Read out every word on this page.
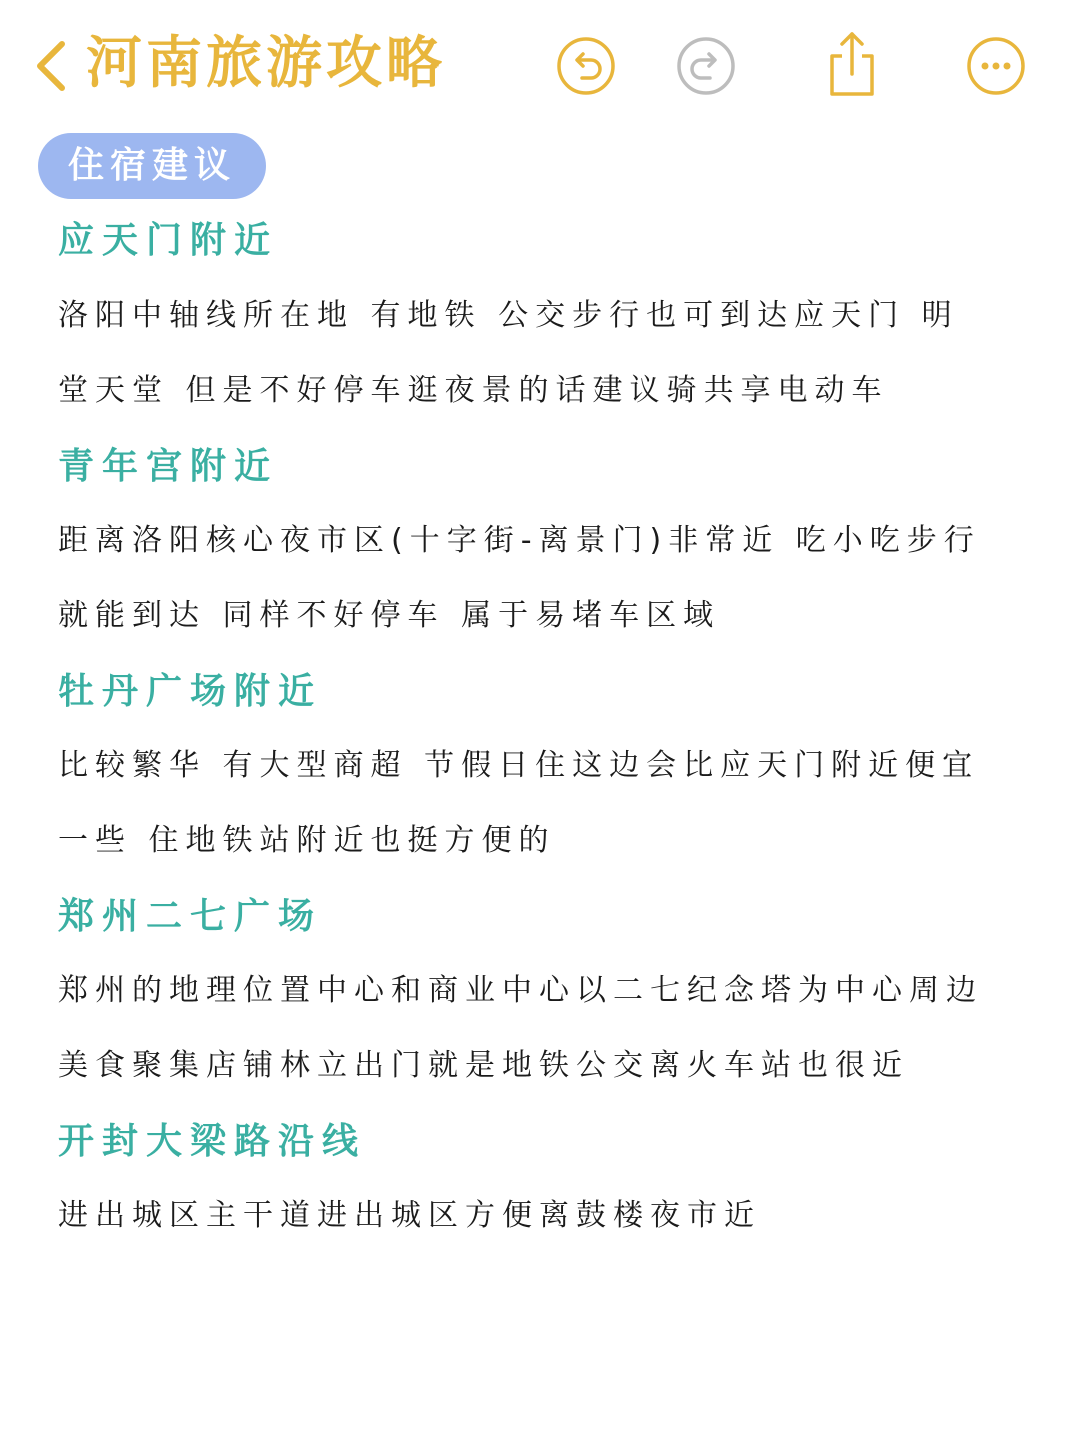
河南旅游攻略
住宿建议
应天门附近
洛阳中轴线所在地 有地铁 公交步行也可到达应天门 明
堂天堂 但是不好停车逛夜景的话建议骑共享电动车
青年宫附近
距离洛阳核心夜市区(十字街-离景门)非常近 吃小吃步行
就能到达 同样不好停车 属于易堵车区域
牡丹广场附近
比较繁华 有大型商超 节假日住这边会比应天门附近便宜
一些 住地铁站附近也挺方便的
郑州二七广场
郑州的地理位置中心和商业中心以二七纪念塔为中心周边
美食聚集店铺林立出门就是地铁公交离火车站也很近
开封大梁路沿线
进出城区主干道进出城区方便离鼓楼夜市近
